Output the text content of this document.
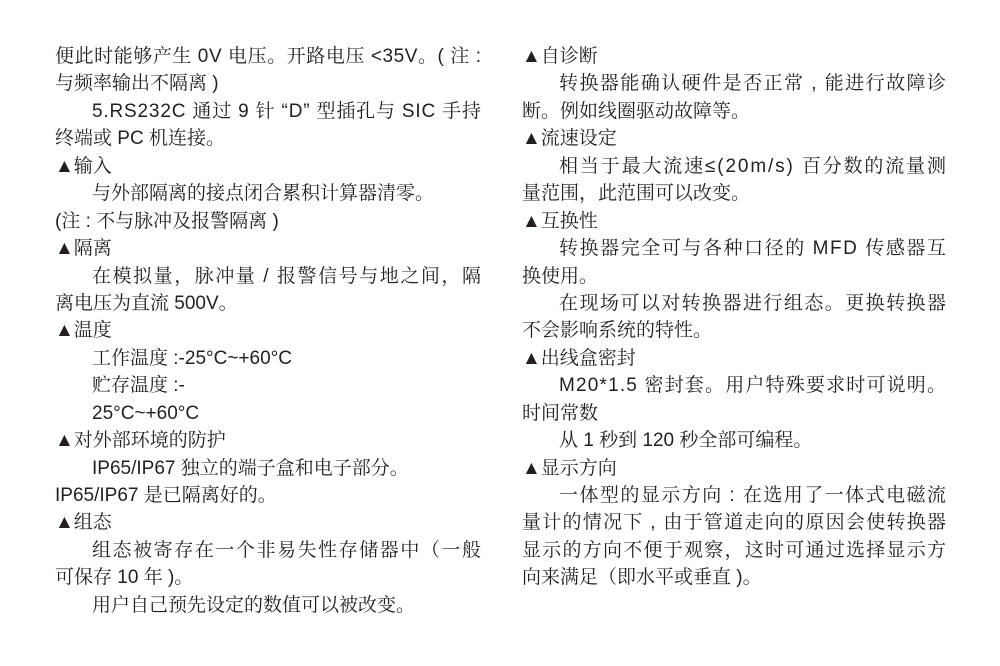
便此时能够产生 0V 电压。开路电压 <35V。( 注 :
与频率输出不隔离 )
5.RS232C 通过 9 针 “D” 型插孔与 SIC 手持
终端或 PC 机连接。
▲输入
与外部隔离的接点闭合累积计算器清零。
(注 : 不与脉冲及报警隔离 )
▲隔离
在模拟量，脉冲量 / 报警信号与地之间，隔
离电压为直流 500V。
▲温度
工作温度 :-25°C~+60°C
贮存温度 :-
25°C~+60°C
▲对外部环境的防护
IP65/IP67 独立的端子盒和电子部分。
IP65/IP67 是已隔离好的。
▲组态
组态被寄存在一个非易失性存储器中（一般
可保存 10 年 )。
用户自己预先设定的数值可以被改变。
▲自诊断
转换器能确认硬件是否正常 , 能进行故障诊
断。例如线圈驱动故障等。
▲流速设定
相当于最大流速≤(20m/s) 百分数的流量测
量范围，此范围可以改变。
▲互换性
转换器完全可与各种口径的 MFD 传感器互
换使用。
在现场可以对转换器进行组态。更换转换器
不会影响系统的特性。
▲出线盒密封
M20*1.5 密封套。用户特殊要求时可说明。
时间常数
从 1 秒到 120 秒全部可编程。
▲显示方向
一体型的显示方向 : 在选用了一体式电磁流
量计的情况下 , 由于管道走向的原因会使转换器
显示的方向不便于观察，这时可通过选择显示方
向来满足（即水平或垂直 )。
